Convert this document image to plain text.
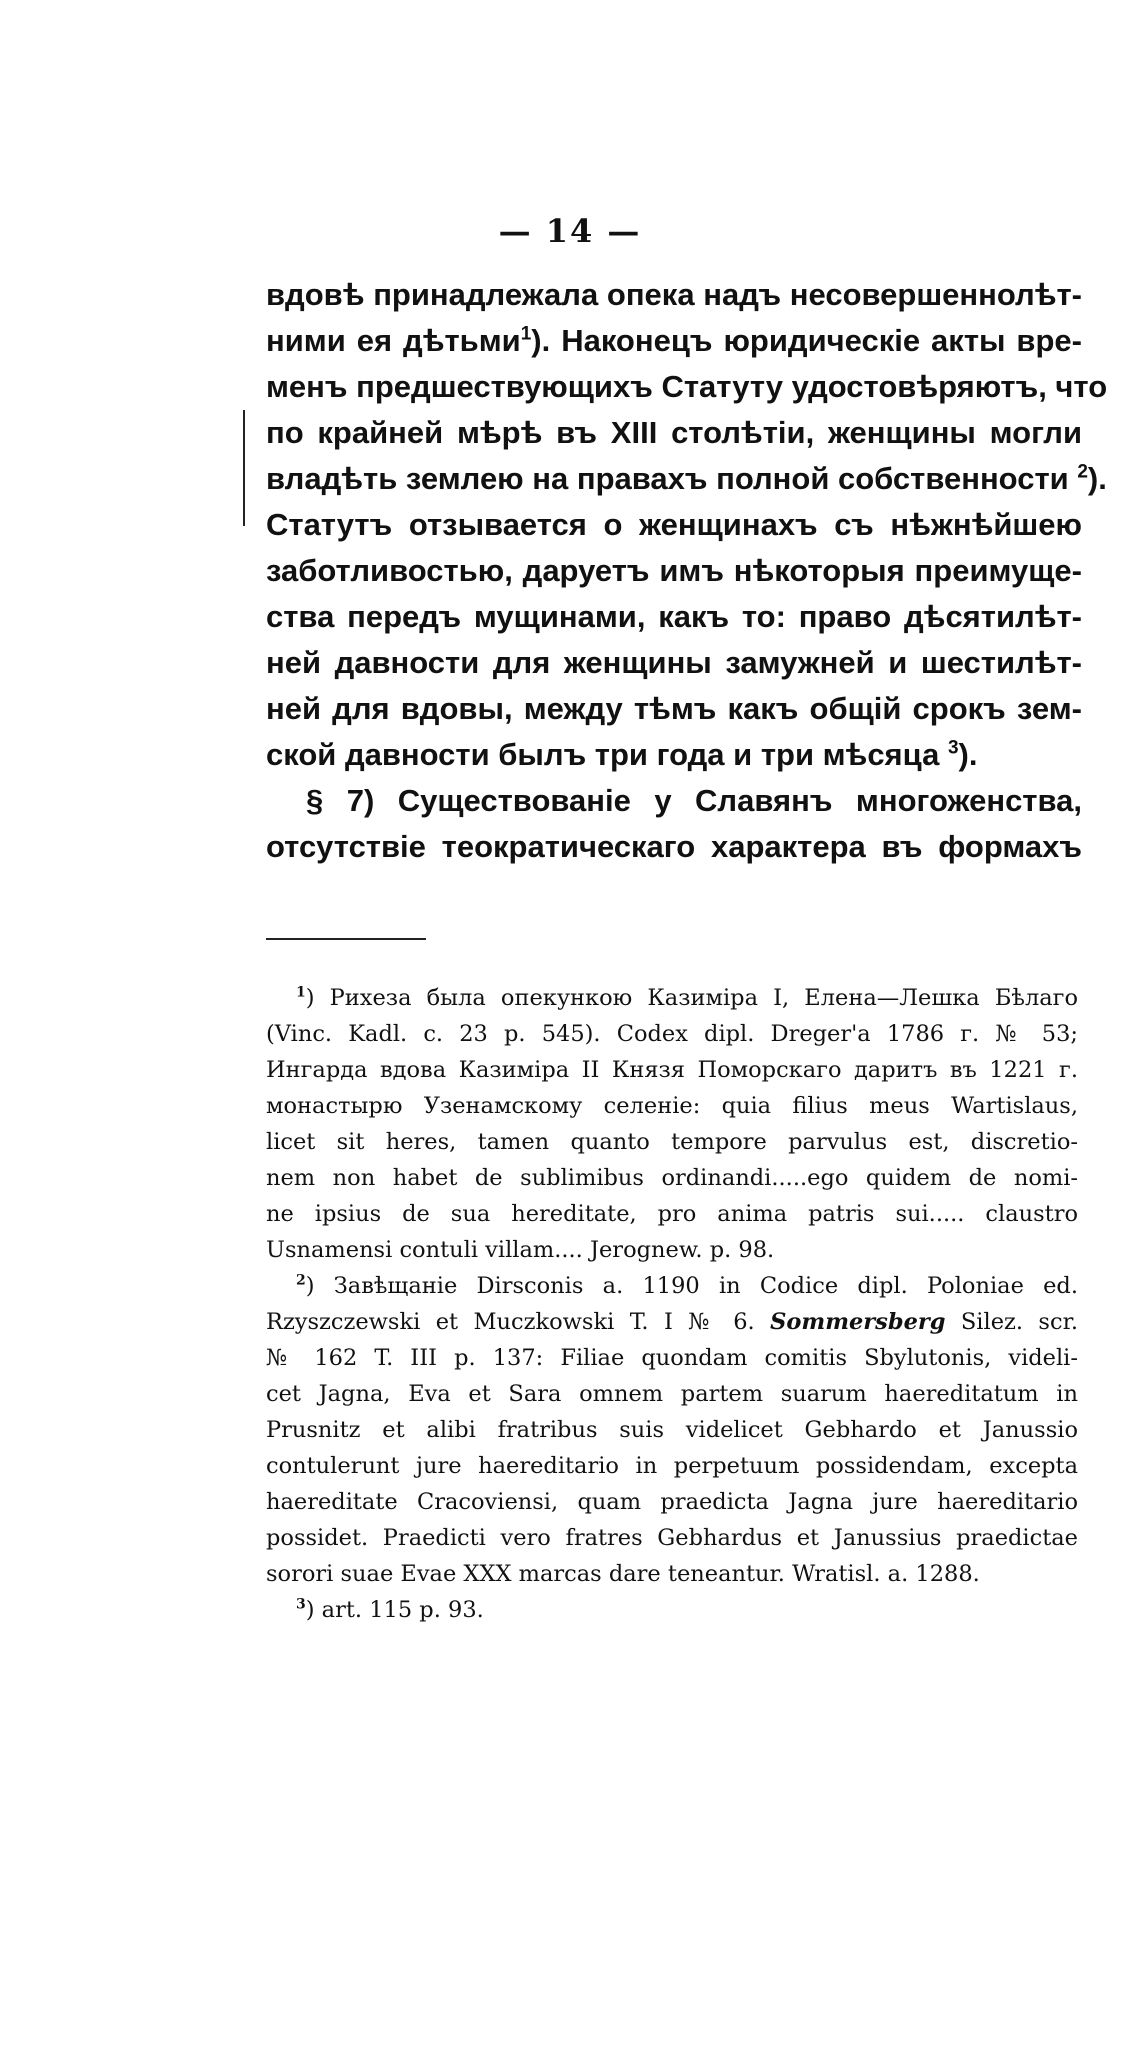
— 14 —
вдовѣ принадлежала опека надъ несовершеннолѣт-
ними ея дѣтьми$^1$). Наконецъ юридическіе акты вре-
менъ предшествующихъ Статуту удостовѣряютъ, что
по крайней мѣрѣ въ XIII столѣтіи, женщины могли
владѣть землею на правахъ полной собственности $^2$).
Статутъ отзывается о женщинахъ съ нѣжнѣйшею
заботливостью, даруетъ имъ нѣкоторыя преимуще-
ства передъ мущинами, какъ то: право дѣсятилѣт-
ней давности для женщины замужней и шестилѣт-
ней для вдовы, между тѣмъ какъ общій срокъ зем-
ской давности былъ три года и три мѣсяца $^3$).
§ 7) Существованіе у Славянъ многоженства,
отсутствіе теократическаго характера въ формахъ
$^1$) Рихеза была опекункою Казиміра I, Елена—Лешка Бѣлаго
(Vinc. Kadl. c. 23 p. 545). Codex dipl. Dreger'a 1786 г. № 53;
Ингарда вдова Казиміра II Князя Поморскаго даритъ въ 1221 г.
монастырю Узенамскому селеніе: quia filius meus Wartislaus,
licet sit heres, tamen quanto tempore parvulus est, discretio-
nem non habet de sublimibus ordinandi.....ego quidem de nomi-
ne ipsius de sua hereditate, pro anima patris sui..... claustro
Usnamensi contuli villam.... Jerognew. p. 98.
$^2$) Завѣщаніе Dirsconis a. 1190 in Codice dipl. Poloniae ed.
Rzyszczewski et Muczkowski T. I № 6. Sommersberg Silez. scr.
№ 162 T. III p. 137: Filiae quondam comitis Sbylutonis, videli-
cet Jagna, Eva et Sara omnem partem suarum haereditatum in
Prusnitz et alibi fratribus suis videlicet Gebhardo et Janussio
contulerunt jure haereditario in perpetuum possidendam, excepta
haereditate Cracoviensi, quam praedicta Jagna jure haereditario
possidet. Praedicti vero fratres Gebhardus et Janussius praedictae
sorori suae Evae XXX marcas dare teneantur. Wratisl. a. 1288.
$^3$) art. 115 p. 93.
